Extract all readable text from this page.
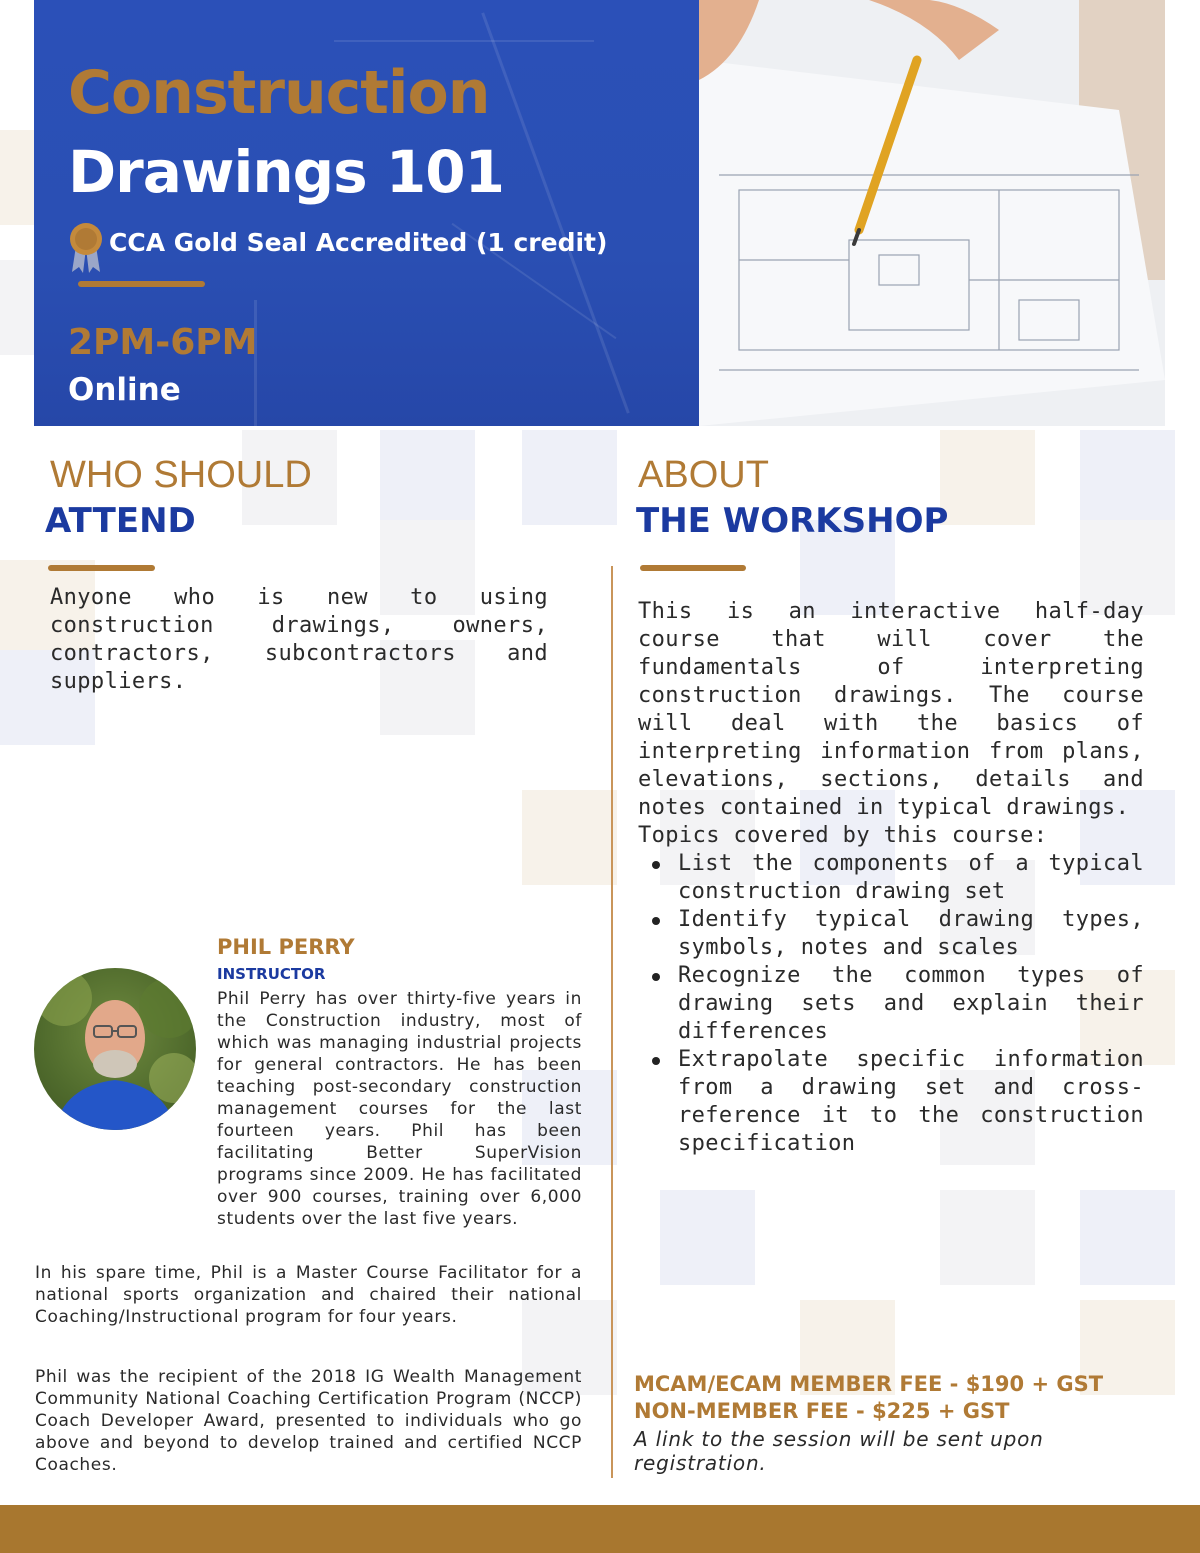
Construction
Drawings 101
CCA Gold Seal Accredited (1 credit)
2PM-6PM
Online
WHO SHOULD
ATTEND
Anyone who is new to using construction drawings, owners, contractors, subcontractors and suppliers.
ABOUT
THE WORKSHOP
This is an interactive half-day course that will cover the fundamentals of interpreting construction drawings. The course will deal with the basics of interpreting information from plans, elevations, sections, details and notes contained in typical drawings.
Topics covered by this course:
List the components of a typical construction drawing set
Identify typical drawing types, symbols, notes and scales
Recognize the common types of drawing sets and explain their differences
Extrapolate specific information from a drawing set and cross-reference it to the construction specification
PHIL PERRY
INSTRUCTOR
Phil Perry has over thirty-five years in the Construction industry, most of which was managing industrial projects for general contractors. He has been teaching post-secondary construction management courses for the last fourteen years. Phil has been facilitating Better SuperVision programs since 2009. He has facilitated over 900 courses, training over 6,000 students over the last five years.
In his spare time, Phil is a Master Course Facilitator for a national sports organization and chaired their national Coaching/Instructional program for four years.
Phil was the recipient of the 2018 IG Wealth Management Community National Coaching Certification Program (NCCP) Coach Developer Award, presented to individuals who go above and beyond to develop trained and certified NCCP Coaches.
MCAM/ECAM MEMBER FEE - $190 + GST
NON-MEMBER FEE - $225 + GST
A link to the session will be sent upon registration.
